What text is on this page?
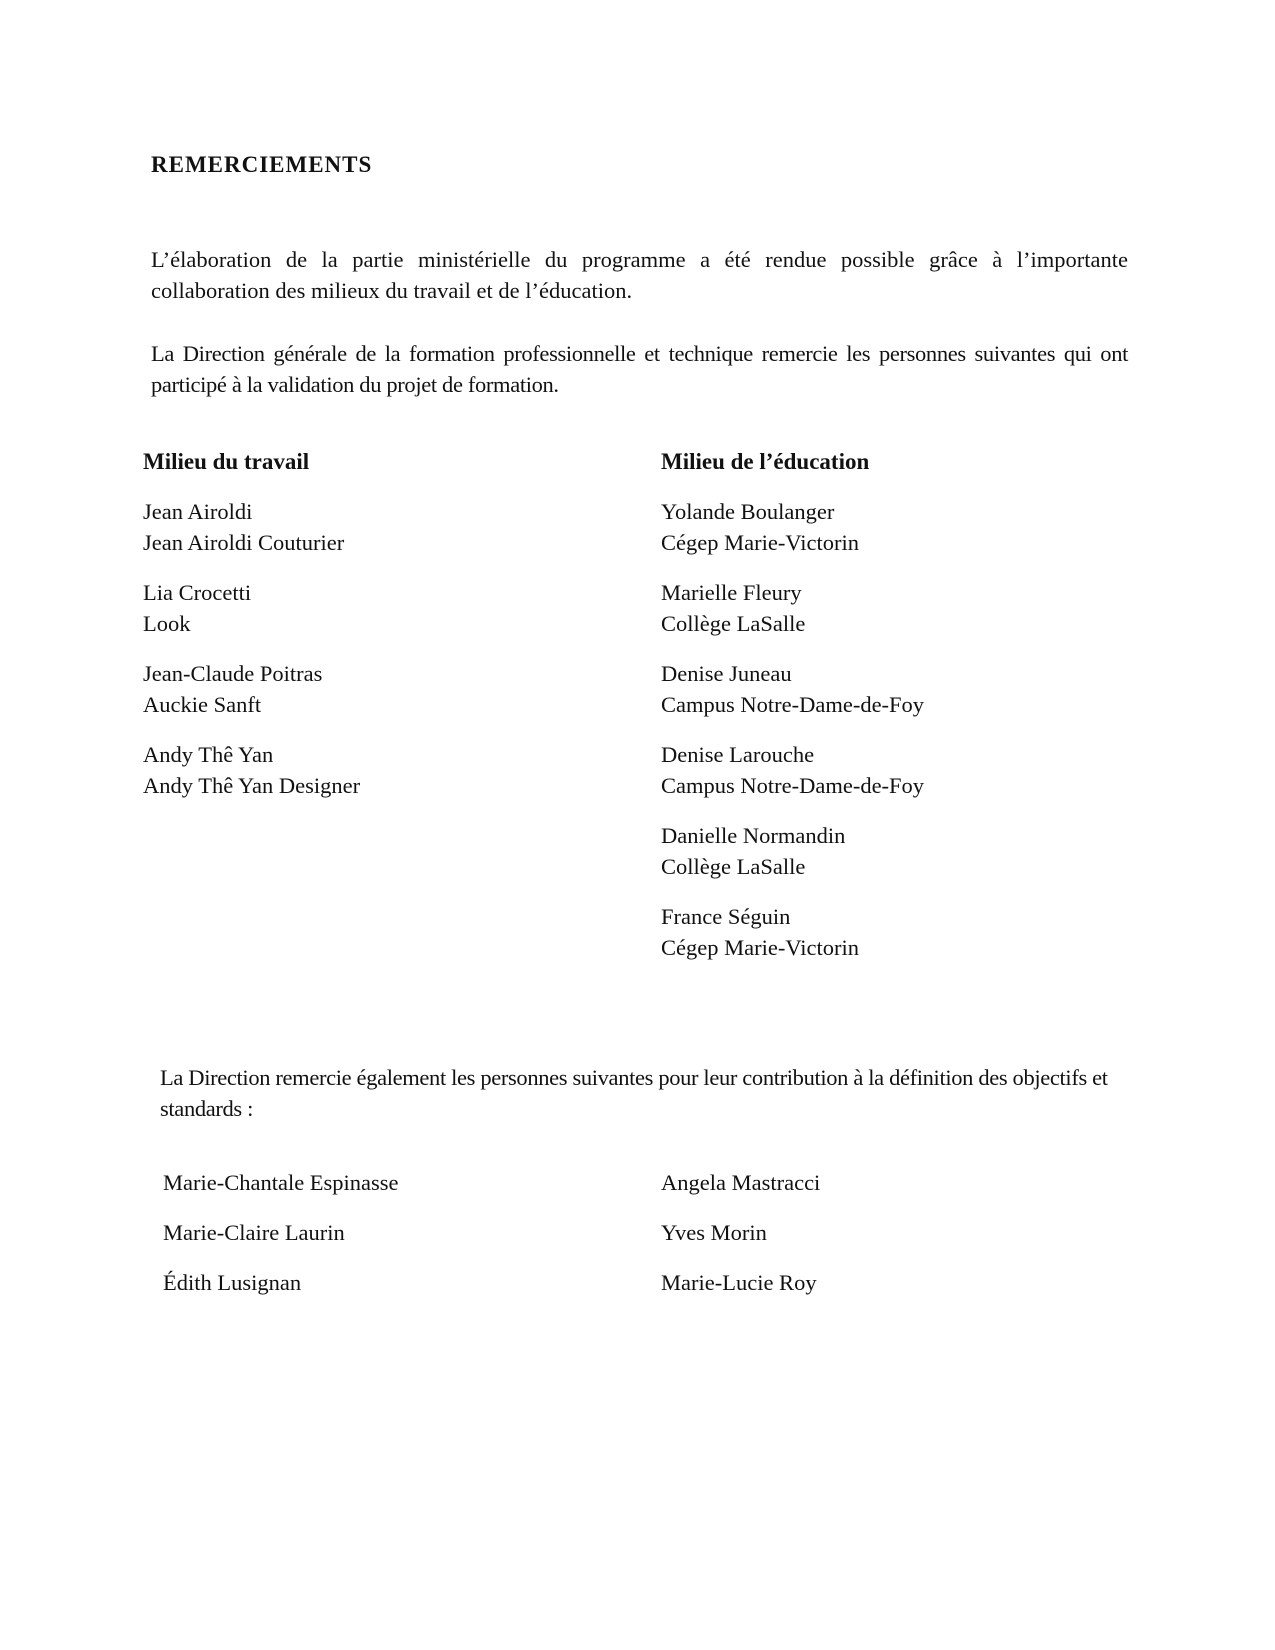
REMERCIEMENTS

L’élaboration de la partie ministérielle du programme a été rendue possible grâce à l’importante collaboration des milieux du travail et de l’éducation.

La Direction générale de la formation professionnelle et technique remercie les personnes suivantes qui ont participé à la validation du projet de formation.

Milieu du travail
Jean Airoldi
Jean Airoldi Couturier
Lia Crocetti
Look
Jean-Claude Poitras
Auckie Sanft
Andy Thê Yan
Andy Thê Yan Designer
Milieu de l’éducation
Yolande Boulanger
Cégep Marie-Victorin
Marielle Fleury
Collège LaSalle
Denise Juneau
Campus Notre-Dame-de-Foy
Denise Larouche
Campus Notre-Dame-de-Foy
Danielle Normandin
Collège LaSalle
France Séguin
Cégep Marie-Victorin

La Direction remercie également les personnes suivantes pour leur contribution à la définition des objectifs et standards :

Marie-Chantale Espinasse
Marie-Claire Laurin
Édith Lusignan
Angela Mastracci
Yves Morin
Marie-Lucie Roy
